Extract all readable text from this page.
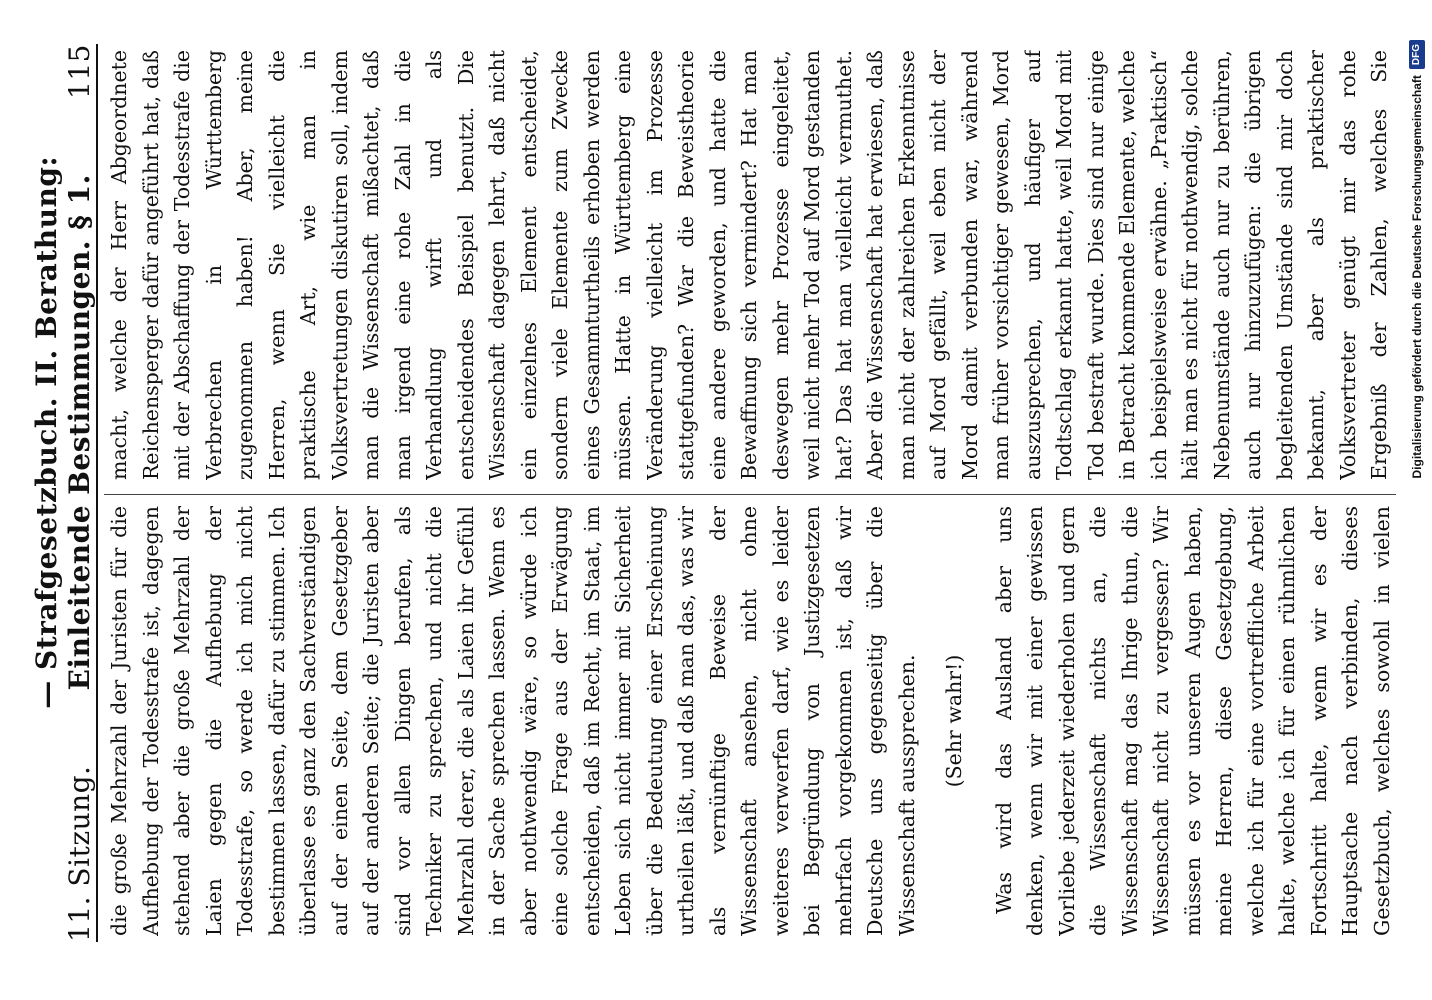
11. Sitzung.
— Strafgesetzbuch. II. Berathung: Einleitende Bestimmungen. § 1.
115

die große Mehrzahl der Juristen für die Aufhebung der Todesstrafe ist, dagegen stehend aber die große Mehrzahl der Laien gegen die Aufhebung der Todesstrafe, so werde ich mich nicht bestimmen lassen, dafür zu stimmen. Ich überlasse es ganz den Sachverständigen auf der einen Seite, dem Gesetzgeber auf der anderen Seite; die Juristen aber sind vor allen Dingen berufen, als Techniker zu sprechen, und nicht die Mehrzahl derer, die als Laien ihr Gefühl in der Sache sprechen lassen. Wenn es aber nothwendig wäre, so würde ich eine solche Frage aus der Erwägung entscheiden, daß im Recht, im Staat, im Leben sich nicht immer mit Sicherheit über die Bedeutung einer Erscheinung urtheilen läßt, und daß man das, was wir als vernünftige Beweise der Wissenschaft ansehen, nicht ohne weiteres verwerfen darf, wie es leider bei Begründung von Justizgesetzen mehrfach vorgekommen ist, daß wir Deutsche uns gegenseitig über die Wissenschaft aussprechen. (Sehr wahr!)

Was wird das Ausland aber uns denken, wenn wir mit einer gewissen Vorliebe jederzeit wiederholen und gern die Wissenschaft nichts an, die Wissenschaft mag das Ihrige thun, die Wissenschaft nicht zu vergessen? Wir müssen es vor unseren Augen haben, meine Herren, diese Gesetzgebung, welche ich für eine vortreffliche Arbeit halte, welche ich für einen rühmlichen Fortschritt halte, wenn wir es der Hauptsache nach verbinden, dieses Gesetzbuch, welches sowohl in vielen

macht, welche der Herr Abgeordnete Reichensperger dafür angeführt hat, daß mit der Abschaffung der Todesstrafe die Verbrechen in Württemberg zugenommen haben! Aber, meine Herren, wenn Sie vielleicht die praktische Art, wie man in Volksvertretungen diskutiren soll, indem man die Wissenschaft mißachtet, daß man irgend eine rohe Zahl in die Verhandlung wirft und als entscheidendes Beispiel benutzt. Die Wissenschaft dagegen lehrt, daß nicht ein einzelnes Element entscheidet, sondern viele Elemente zum Zwecke eines Gesammturtheils erhoben werden müssen. Hatte in Württemberg eine Veränderung vielleicht im Prozesse stattgefunden? War die Beweistheorie eine andere geworden, und hatte die Bewaffnung sich vermindert? Hat man deswegen mehr Prozesse eingeleitet, weil nicht mehr Tod auf Mord gestanden hat? Das hat man vielleicht vermuthet. Aber die Wissenschaft hat erwiesen, daß man nicht der zahlreichen Erkenntnisse auf Mord gefällt, weil eben nicht der Mord damit verbunden war, während man früher vorsichtiger gewesen, Mord auszusprechen, und häufiger auf Todtschlag erkannt hatte, weil Mord mit Tod bestraft wurde. Dies sind nur einige in Betracht kommende Elemente, welche ich beispielsweise erwähne. „Praktisch“ hält man es nicht für nothwendig, solche Nebenumstände auch nur zu berühren, auch nur hinzuzufügen: die übrigen begleitenden Umstände sind mir doch bekannt, aber als praktischer Volksvertreter genügt mir das rohe Ergebniß der Zahlen, welches Sie

Digitalisierung gefördert durch die Deutsche Forschungsgemeinschaft
DFG
